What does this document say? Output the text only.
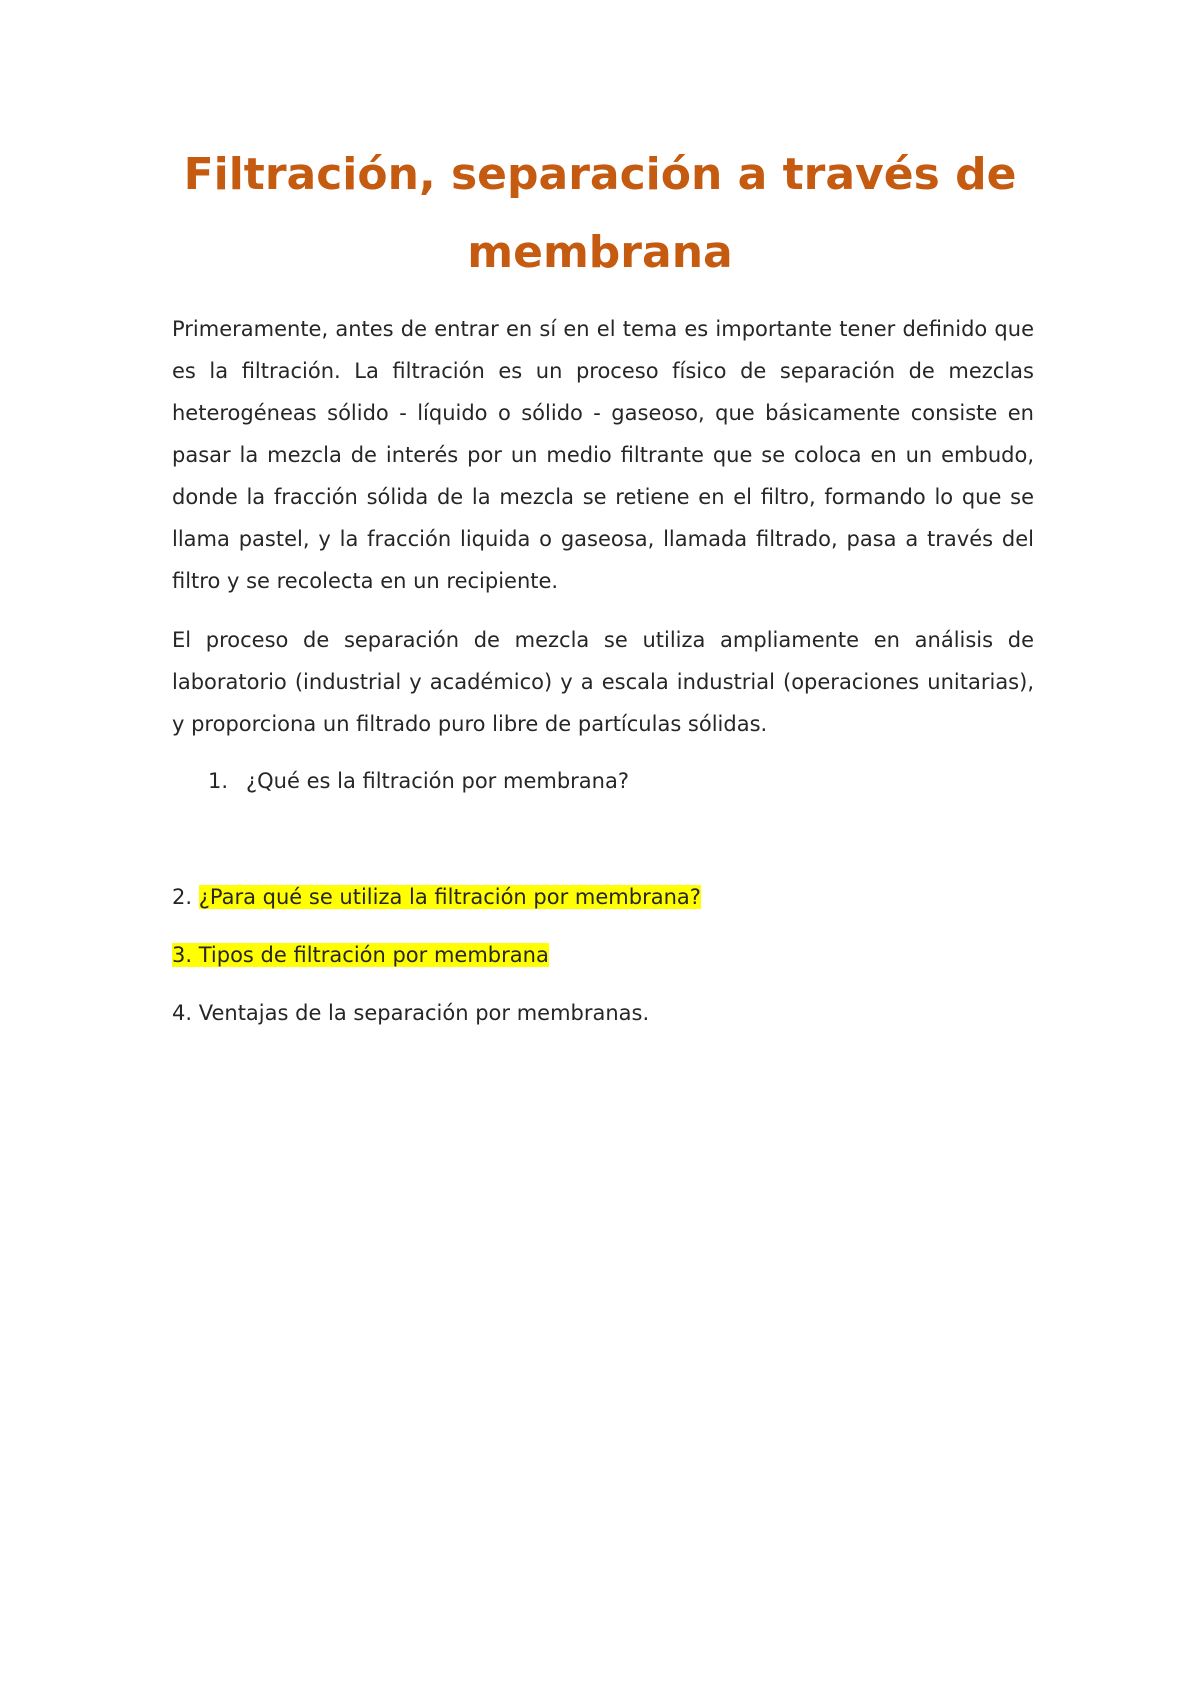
Filtración, separación a través de membrana

Primeramente, antes de entrar en sí en el tema es importante tener definido que es la filtración. La filtración es un proceso físico de separación de mezclas heterogéneas sólido - líquido o sólido - gaseoso, que básicamente consiste en pasar la mezcla de interés por un medio filtrante que se coloca en un embudo, donde la fracción sólida de la mezcla se retiene en el filtro, formando lo que se llama pastel, y la fracción liquida o gaseosa, llamada filtrado, pasa a través del filtro y se recolecta en un recipiente.

El proceso de separación de mezcla se utiliza ampliamente en análisis de laboratorio (industrial y académico) y a escala industrial (operaciones unitarias), y proporciona un filtrado puro libre de partículas sólidas.

1. ¿Qué es la filtración por membrana?
2. ¿Para qué se utiliza la filtración por membrana?
3. Tipos de filtración por membrana
4. Ventajas de la separación por membranas.
